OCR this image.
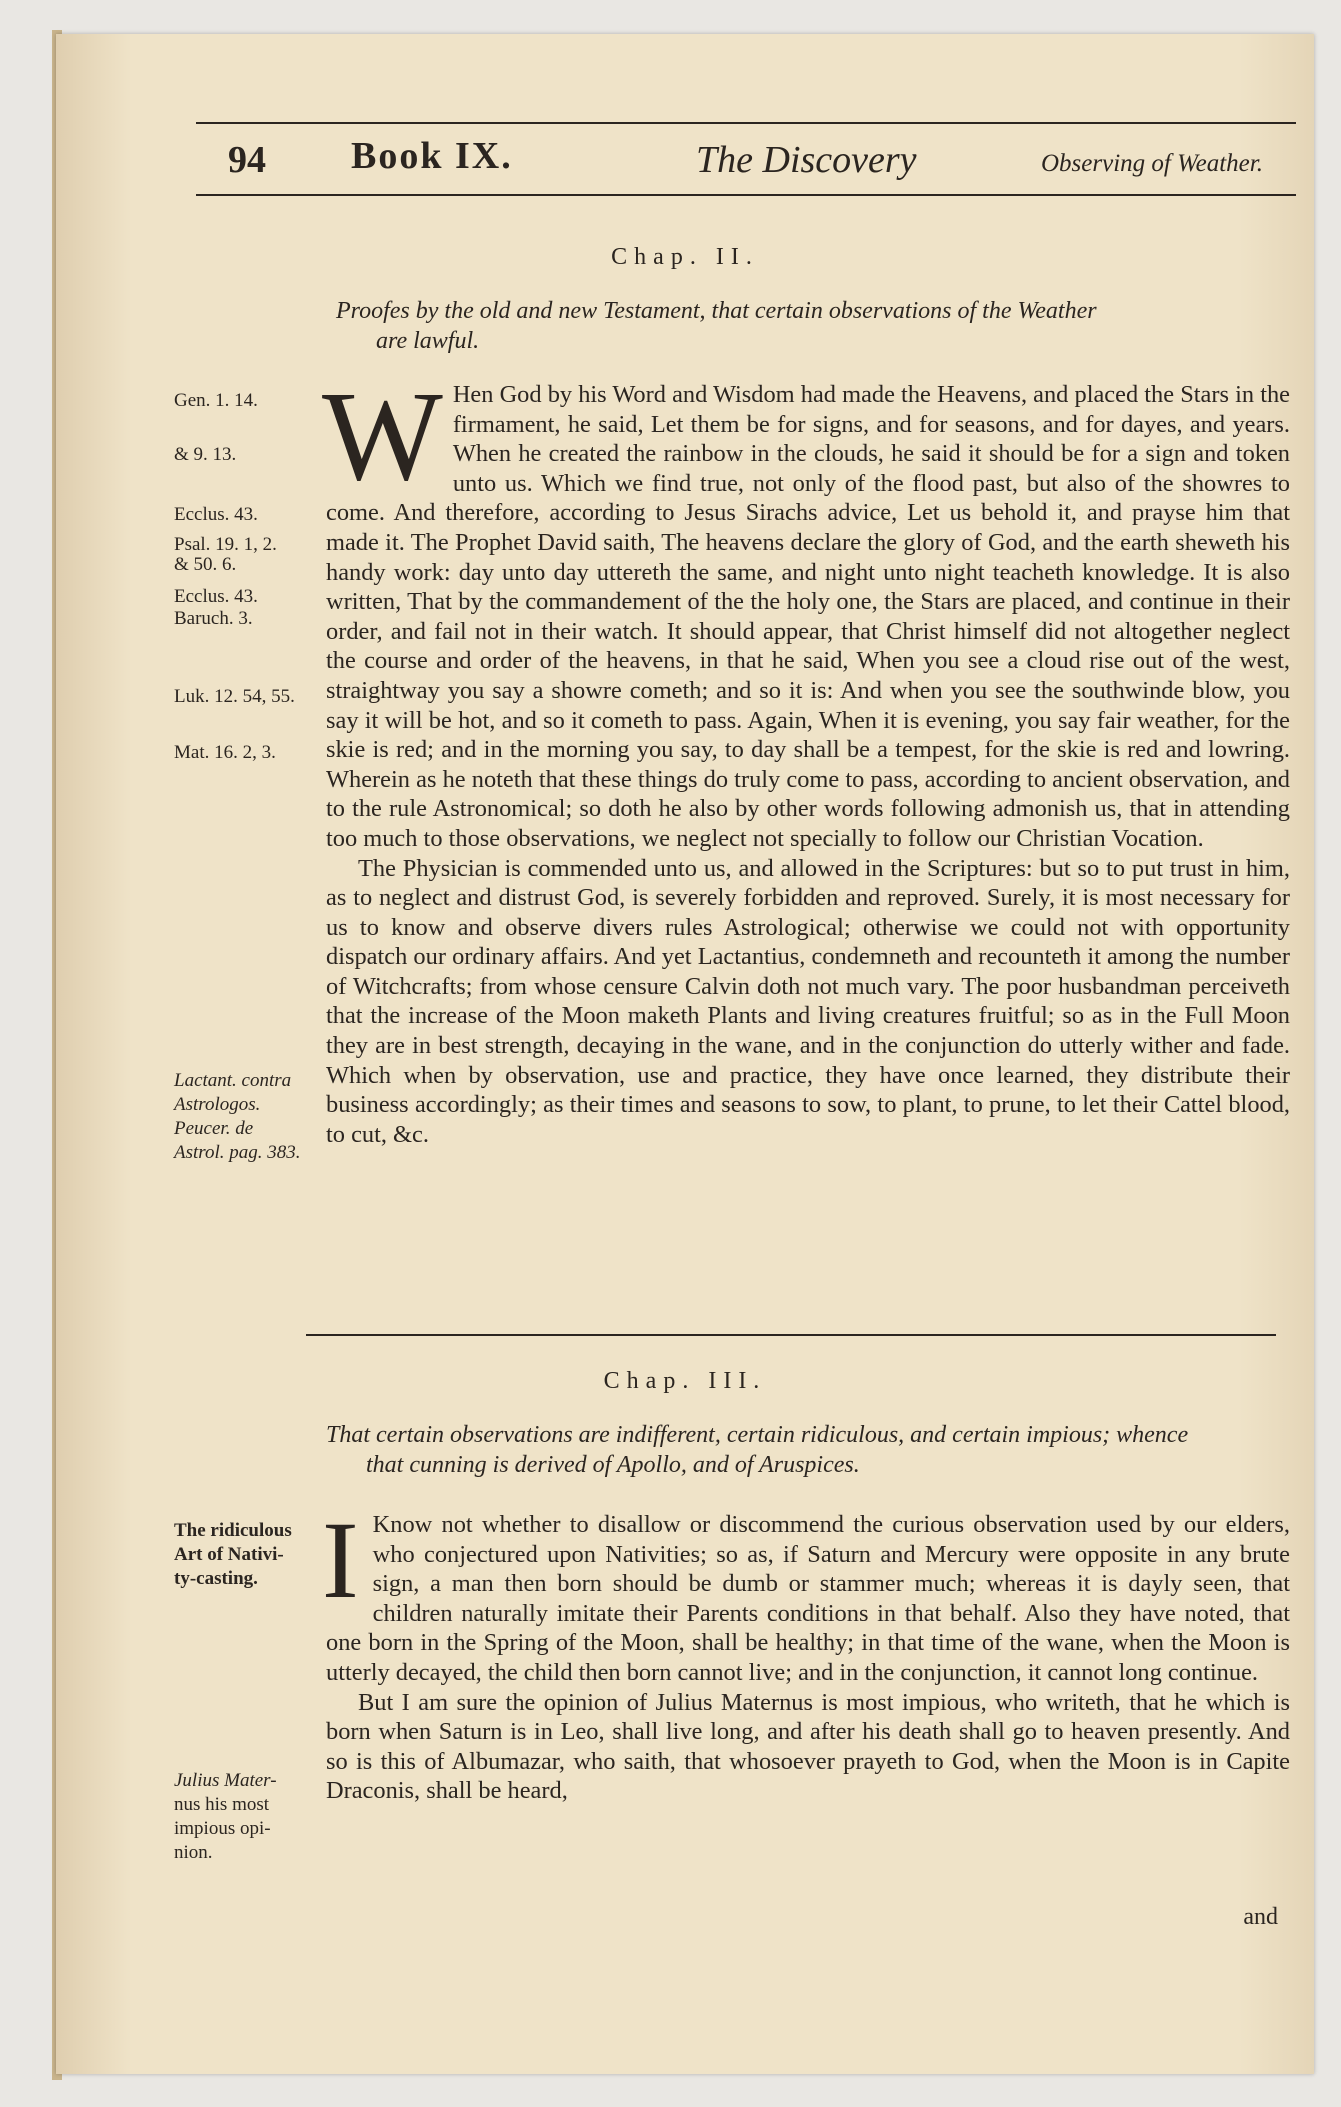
94 Book IX.	The Discovery	Observing of Weather.
Chap. II.
Proofes by the old and new Testament, that certain observations of the Weather
are lawful.

W Hen God by his Word and Wisdom had made the Heavens, and placed the Stars in the firmament, he said, Let them be for signs, and for seasons, and for dayes, and years. When he created the rainbow in the clouds, he said it should be for a sign and token unto us. Which we find true, not only of the flood past, but also of the showres to come. And therefore, according to Jesus Sirachs advice, Let us behold it, and prayse him that made it. The Prophet David saith, The heavens declare the glory of God, and the earth sheweth his handy work: day unto day uttereth the same, and night unto night teacheth knowledge. It is also written, That by the commandement of the the holy one, the Stars are placed, and continue in their order, and fail not in their watch. It should appear, that Christ himself did not altogether neglect the course and order of the heavens, in that he said, When you see a cloud rise out of the west, straightway you say a showre cometh; and so it is: And when you see the southwinde blow, you say it will be hot, and so it cometh to pass. Again, When it is evening, you say fair weather, for the skie is red; and in the morning you say, to day shall be a tempest, for the skie is red and lowring. Wherein as he noteth that these things do truly come to pass, according to ancient observation, and to the rule Astronomical; so doth he also by other words following admonish us, that in attending too much to those observations, we neglect not specially to follow our Christian Vocation.

The Physician is commended unto us, and allowed in the Scriptures: but so to put trust in him, as to neglect and distrust God, is severely forbidden and reproved. Surely, it is most necessary for us to know and observe divers rules Astrological; otherwise we could not with opportunity dispatch our ordinary affairs. And yet Lactantius, condemneth and recounteth it among the number of Witchcrafts; from whose censure Calvin doth not much vary. The poor husbandman perceiveth that the increase of the Moon maketh Plants and living creatures fruitful; so as in the Full Moon they are in best strength, decaying in the wane, and in the conjunction do utterly wither and fade. Which when by observation, use and practice, they have once learned, they distribute their business accordingly; as their times and seasons to sow, to plant, to prune, to let their Cattel blood, to cut, &c.

Gen. 1. 14.
& 9. 13.
Ecclus. 43.
Psal. 19. 1, 2.
& 50. 6.
Ecclus. 43.
Baruch. 3.
Luk. 12. 54, 55.
Mat. 16. 2, 3.
Lactant. contra
Astrologos.
Peucer. de
Astrol. pag. 383.
Chap. III.
That certain observations are indifferent, certain ridiculous, and certain impious; whence
that cunning is derived of Apollo, and of Aruspices.

I Know not whether to disallow or discommend the curious observation used by our elders, who conjectured upon Nativities; so as, if Saturn and Mercury were opposite in any brute sign, a man then born should be dumb or stammer much; whereas it is dayly seen, that children naturally imitate their Parents conditions in that behalf. Also they have noted, that one born in the Spring of the Moon, shall be healthy; in that time of the wane, when the Moon is utterly decayed, the child then born cannot live; and in the conjunction, it cannot long continue.

But I am sure the opinion of Julius Maternus is most impious, who writeth, that he which is born when Saturn is in Leo, shall live long, and after his death shall go to heaven presently. And so is this of Albumazar, who saith, that whosoever prayeth to God, when the Moon is in Capite Draconis, shall be heard,

The ridiculous
Art of Nativi-
ty-casting.
Julius Mater-
nus his most
impious opi-
nion.
and
